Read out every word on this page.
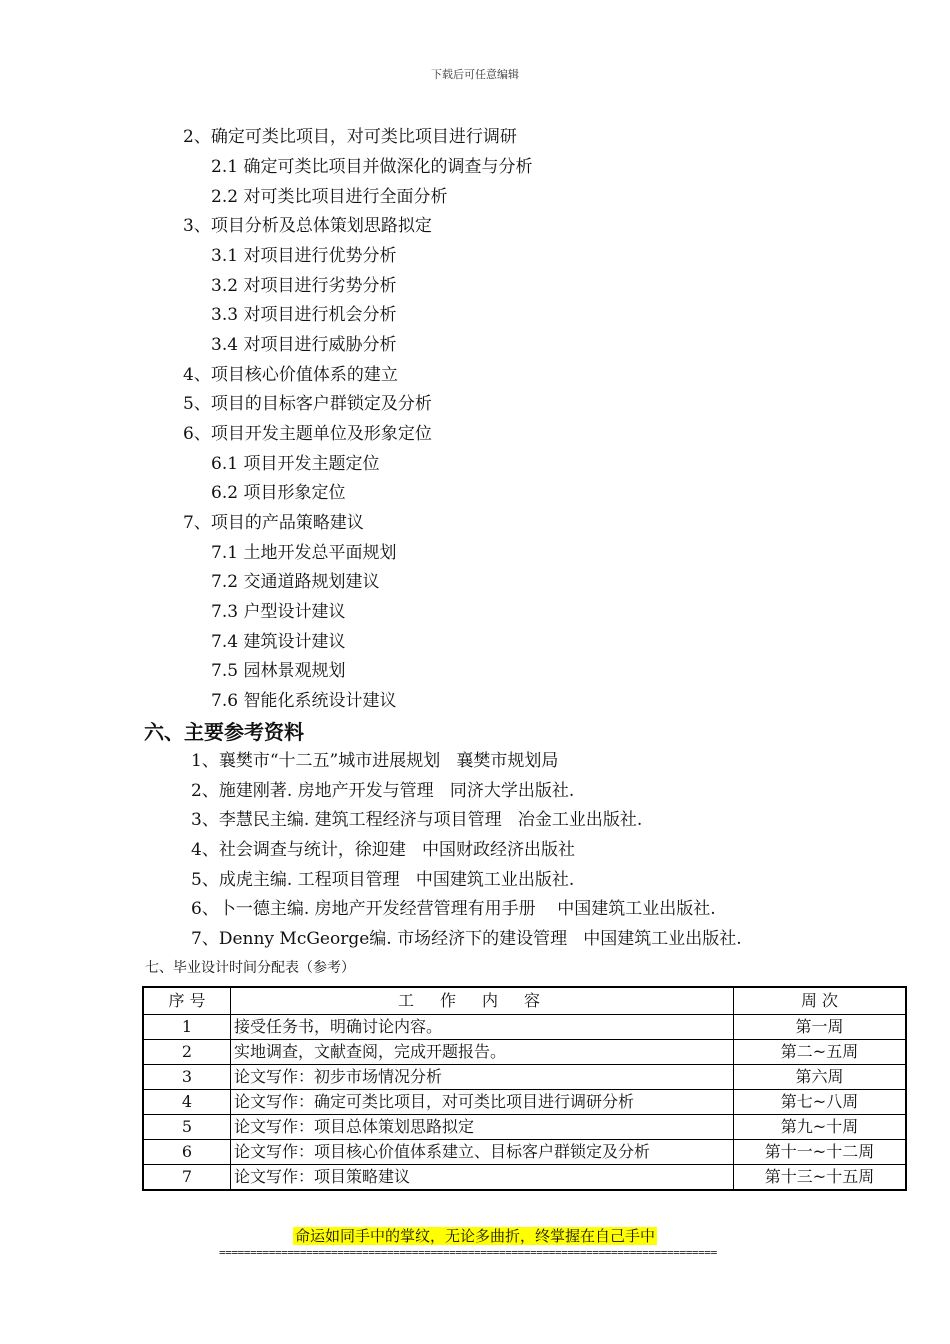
下载后可任意编辑
2、确定可类比项目，对可类比项目进行调研
2.1 确定可类比项目并做深化的调查与分析
2.2 对可类比项目进行全面分析
3、项目分析及总体策划思路拟定
3.1 对项目进行优势分析
3.2 对项目进行劣势分析
3.3 对项目进行机会分析
3.4 对项目进行威胁分析
4、项目核心价值体系的建立
5、项目的目标客户群锁定及分析
6、项目开发主题单位及形象定位
6.1 项目开发主题定位
6.2 项目形象定位
7、项目的产品策略建议
7.1 土地开发总平面规划
7.2 交通道路规划建议
7.3 户型设计建议
7.4 建筑设计建议
7.5 园林景观规划
7.6 智能化系统设计建议
六、主要参考资料
1、襄樊市“十二五”城市进展规划   襄樊市规划局
2、施建刚著. 房地产开发与管理   同济大学出版社.
3、李慧民主编. 建筑工程经济与项目管理   冶金工业出版社.
4、社会调查与统计，徐迎建   中国财政经济出版社
5、成虎主编. 工程项目管理   中国建筑工业出版社.
6、卜一德主编. 房地产开发经营管理有用手册    中国建筑工业出版社.
7、Denny McGeorge编. 市场经济下的建设管理   中国建筑工业出版社.
七、毕业设计时间分配表（参考）
序 号	工作内容	周 次
1	接受任务书，明确讨论内容。	第一周
2	实地调查，文献查阅，完成开题报告。	第二~五周
3	论文写作：初步市场情况分析	第六周
4	论文写作：确定可类比项目，对可类比项目进行调研分析	第七~八周
5	论文写作：项目总体策划思路拟定	第九~十周
6	论文写作：项目核心价值体系建立、目标客户群锁定及分析	第十一~十二周
7	论文写作：项目策略建议	第十三~十五周
命运如同手中的掌纹，无论多曲折，终掌握在自己手中
================================================================================
